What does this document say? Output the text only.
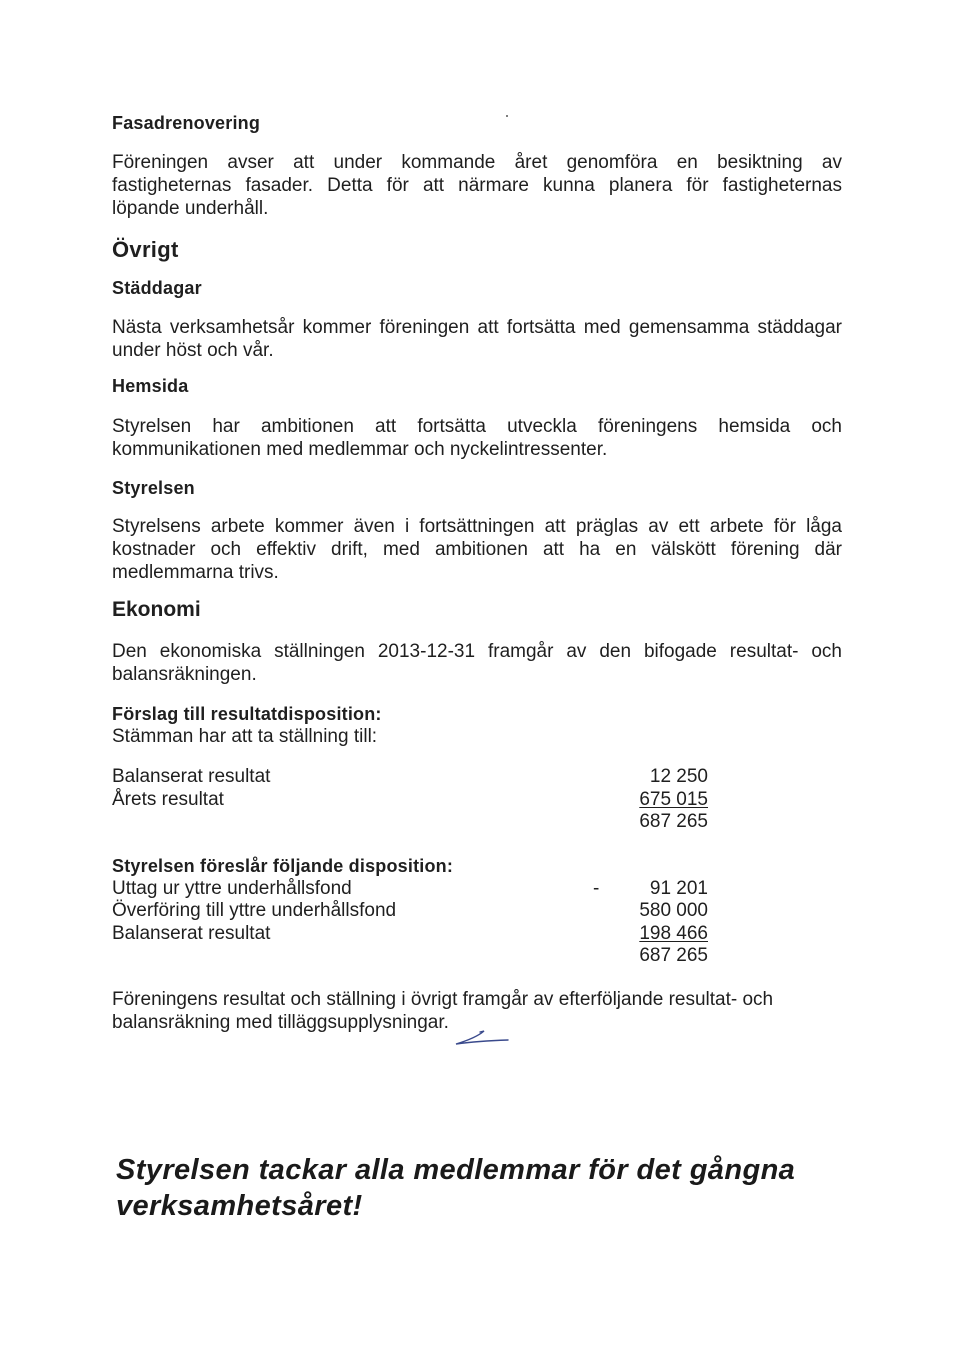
Fasadrenovering

Föreningen avser att under kommande året genomföra en besiktning av
fastigheternas fasader. Detta för att närmare kunna planera för fastigheternas
löpande underhåll.

Övrigt

Städdagar

Nästa verksamhetsår kommer föreningen att fortsätta med gemensamma städdagar
under höst och vår.

Hemsida

Styrelsen har ambitionen att fortsätta utveckla föreningens hemsida och
kommunikationen med medlemmar och nyckelintressenter.

Styrelsen

Styrelsens arbete kommer även i fortsättningen att präglas av ett arbete för låga
kostnader och effektiv drift, med ambitionen att ha en välskött förening där
medlemmarna trivs.

Ekonomi

Den ekonomiska ställningen 2013-12-31 framgår av den bifogade resultat- och
balansräkningen.

Förslag till resultatdisposition:

Stämman har att ta ställning till:

Balanserat resultat	12 250

Årets resultat	675 015

687 265

Styrelsen föreslår följande disposition:

Uttag ur yttre underhållsfond	-	91 201

Överföring till yttre underhållsfond	580 000

Balanserat resultat	198 466

687 265

Föreningens resultat och ställning i övrigt framgår av efterföljande resultat- och

balansräkning med tilläggsupplysningar.

Styrelsen tackar alla medlemmar för det gångna

verksamhetsåret!
